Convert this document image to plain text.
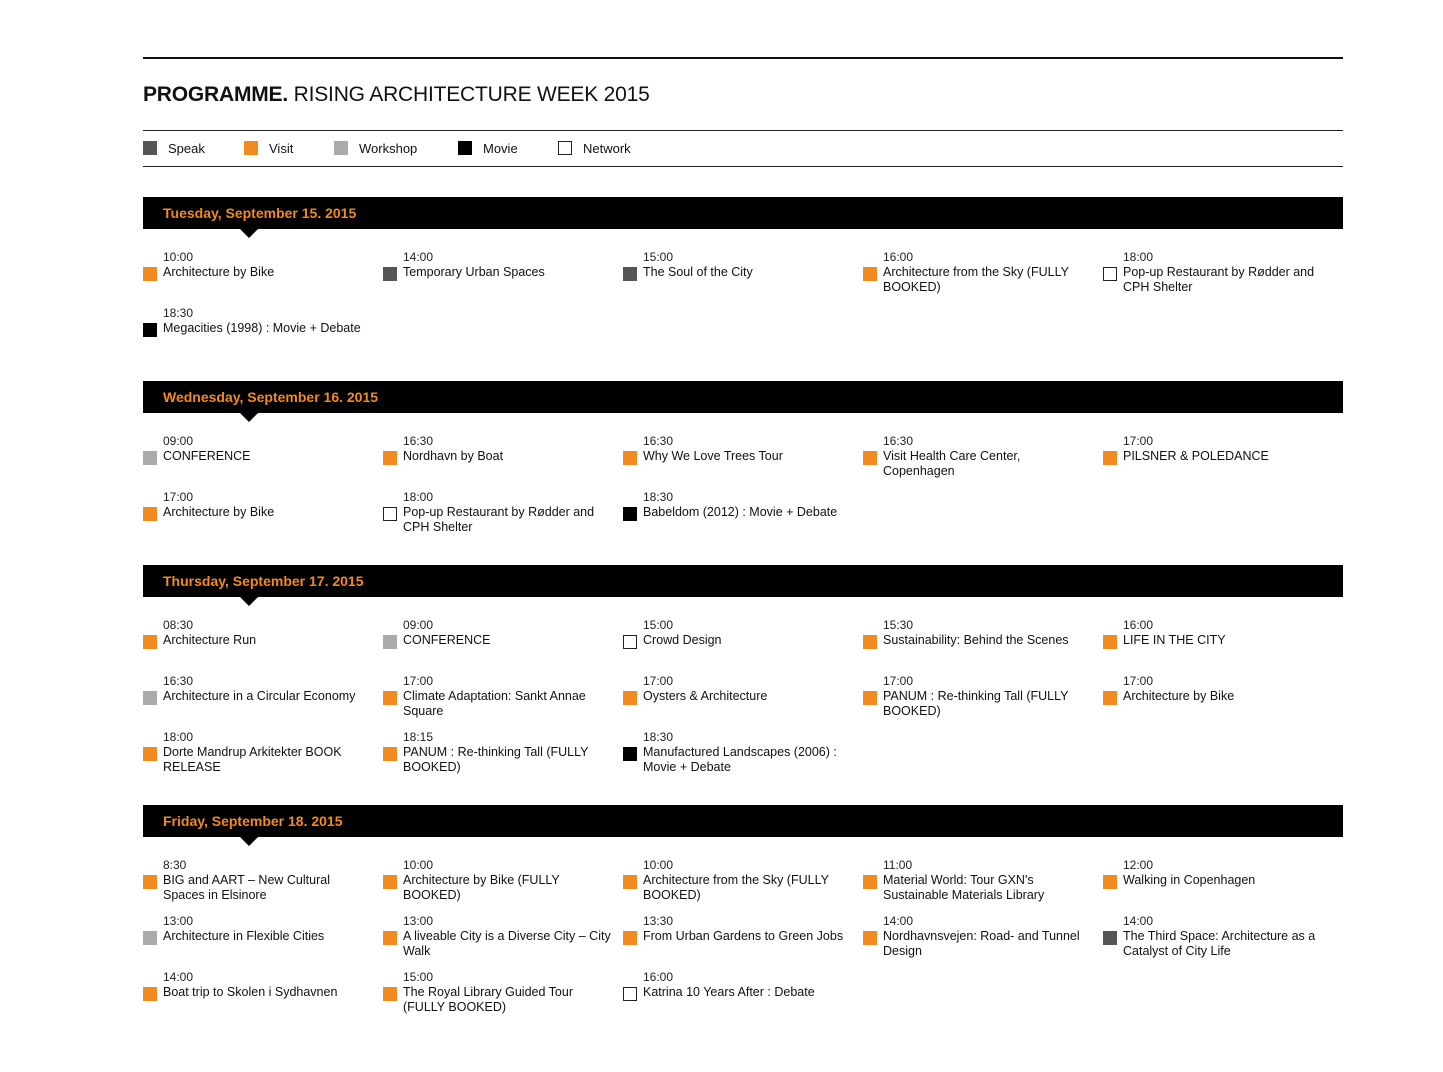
PROGRAMME. RISING ARCHITECTURE WEEK 2015
Speak	Visit	Workshop	Movie	Network
Tuesday, September 15. 2015
10:00
Architecture by Bike
14:00
Temporary Urban Spaces
15:00
The Soul of the City
16:00
Architecture from the Sky (FULLY BOOKED)
18:00
Pop-up Restaurant by Rødder and CPH Shelter
18:30
Megacities (1998) : Movie + Debate
Wednesday, September 16. 2015
09:00
CONFERENCE
16:30
Nordhavn by Boat
16:30
Why We Love Trees Tour
16:30
Visit Health Care Center, Copenhagen
17:00
PILSNER & POLEDANCE
17:00
Architecture by Bike
18:00
Pop-up Restaurant by Rødder and CPH Shelter
18:30
Babeldom (2012) : Movie + Debate
Thursday, September 17. 2015
08:30
Architecture Run
09:00
CONFERENCE
15:00
Crowd Design
15:30
Sustainability: Behind the Scenes
16:00
LIFE IN THE CITY
16:30
Architecture in a Circular Economy
17:00
Climate Adaptation: Sankt Annae Square
17:00
Oysters & Architecture
17:00
PANUM : Re-thinking Tall (FULLY BOOKED)
17:00
Architecture by Bike
18:00
Dorte Mandrup Arkitekter BOOK RELEASE
18:15
PANUM : Re-thinking Tall (FULLY BOOKED)
18:30
Manufactured Landscapes (2006) : Movie + Debate
Friday, September 18. 2015
8:30
BIG and AART – New Cultural Spaces in Elsinore
10:00
Architecture by Bike (FULLY BOOKED)
10:00
Architecture from the Sky (FULLY BOOKED)
11:00
Material World: Tour GXN's Sustainable Materials Library
12:00
Walking in Copenhagen
13:00
Architecture in Flexible Cities
13:00
A liveable City is a Diverse City – City Walk
13:30
From Urban Gardens to Green Jobs
14:00
Nordhavnsvejen: Road- and Tunnel Design
14:00
The Third Space: Architecture as a Catalyst of City Life
14:00
Boat trip to Skolen i Sydhavnen
15:00
The Royal Library Guided Tour (FULLY BOOKED)
16:00
Katrina 10 Years After : Debate
